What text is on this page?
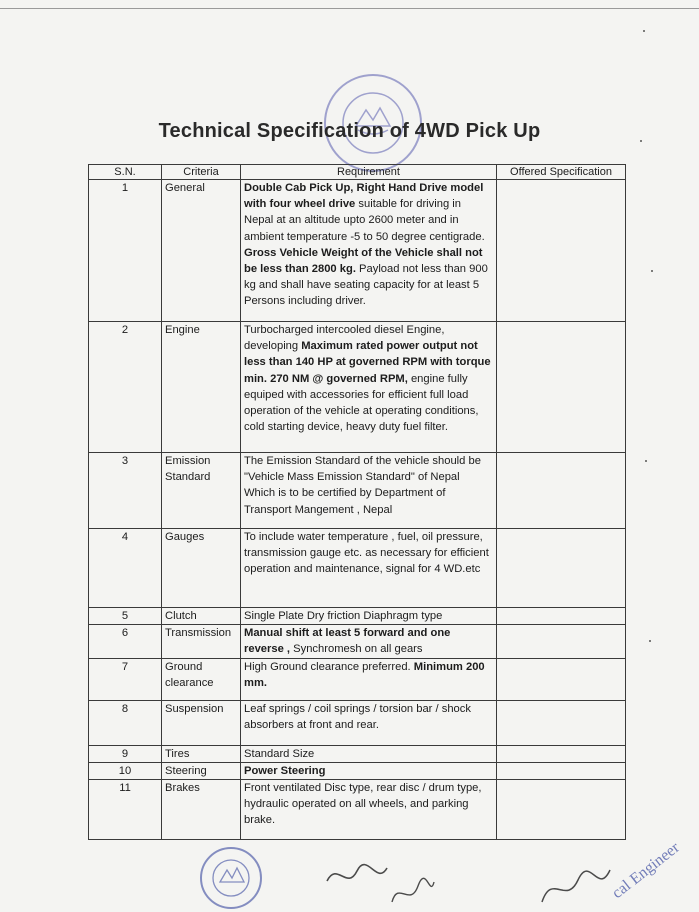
Technical Specification of 4WD Pick Up
S.N.	Criteria	Requirement	Offered Specification
1	General	Double Cab Pick Up, Right Hand Drive model with four wheel drive suitable for driving in Nepal at an altitude upto 2600 meter and in ambient temperature -5 to 50 degree centigrade. Gross Vehicle Weight of the Vehicle shall not be less than 2800 kg. Payload not less than 900 kg and shall have seating capacity for at least 5 Persons including driver.	
2	Engine	Turbocharged intercooled diesel Engine, developing Maximum rated power output not less than 140 HP at governed RPM with torque min. 270 NM @ governed RPM, engine fully equiped with accessories for efficient full load operation of the vehicle at operating conditions, cold starting device, heavy duty fuel filter.	
3	Emission Standard	The Emission Standard of the vehicle should be "Vehicle Mass Emission Standard" of Nepal Which is to be certified by Department of Transport Mangement , Nepal	
4	Gauges	To include water temperature , fuel, oil pressure, transmission gauge etc. as necessary for efficient operation and maintenance, signal for 4 WD.etc	
5	Clutch	Single Plate Dry friction Diaphragm type	
6	Transmission	Manual shift at least 5 forward and one reverse , Synchromesh on all gears	
7	Ground clearance	High Ground clearance preferred. Minimum 200 mm.	
8	Suspension	Leaf springs / coil springs / torsion bar / shock absorbers at front and rear.	
9	Tires	Standard Size	
10	Steering	Power Steering	
11	Brakes	Front ventilated Disc type, rear disc / drum type, hydraulic operated on all wheels, and parking brake.	
cal Engineer
